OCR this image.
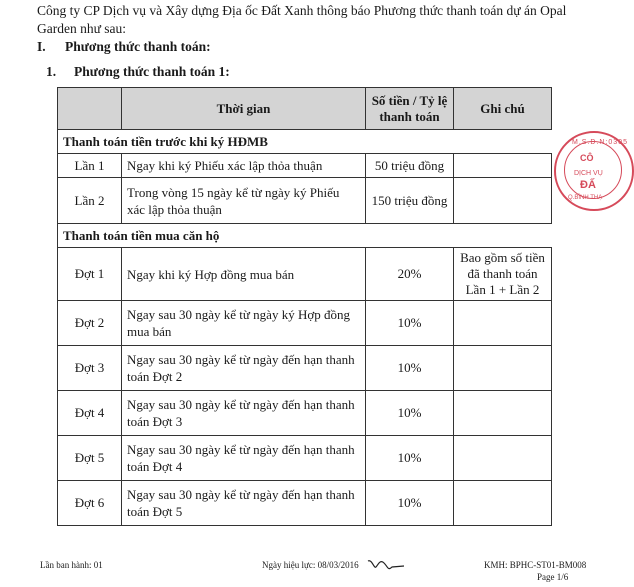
Công ty CP Dịch vụ và Xây dựng Địa ốc Đất Xanh thông báo Phương thức thanh toán dự án Opal Garden như sau:
I. Phương thức thanh toán:
1. Phương thức thanh toán 1:
	Thời gian	Số tiền / Tỷ lệ thanh toán	Ghi chú
Thanh toán tiền trước khi ký HĐMB			
Lần 1	Ngay khi ký Phiếu xác lập thỏa thuận	50 triệu đồng	
Lần 2	Trong vòng 15 ngày kể từ ngày ký Phiếu xác lập thỏa thuận	150 triệu đồng	
Thanh toán tiền mua căn hộ			
Đợt 1	Ngay khi ký Hợp đồng mua bán	20%	Bao gồm số tiền đã thanh toán Lần 1 + Lần 2
Đợt 2	Ngay sau 30 ngày kể từ ngày ký Hợp đồng mua bán	10%	
Đợt 3	Ngay sau 30 ngày kể từ ngày đến hạn thanh toán Đợt 2	10%	
Đợt 4	Ngay sau 30 ngày kể từ ngày đến hạn thanh toán Đợt 3	10%	
Đợt 5	Ngay sau 30 ngày kể từ ngày đến hạn thanh toán Đợt 4	10%	
Đợt 6	Ngay sau 30 ngày kể từ ngày đến hạn thanh toán Đợt 5	10%	
M.S.D.N:0305
CÔ
DỊCH VỤ
ĐẤ
Q.BÌNH THẠ
Lần ban hành: 01	Ngày hiệu lực: 08/03/2016	KMH: BPHC-ST01-BM008
Page 1/6
